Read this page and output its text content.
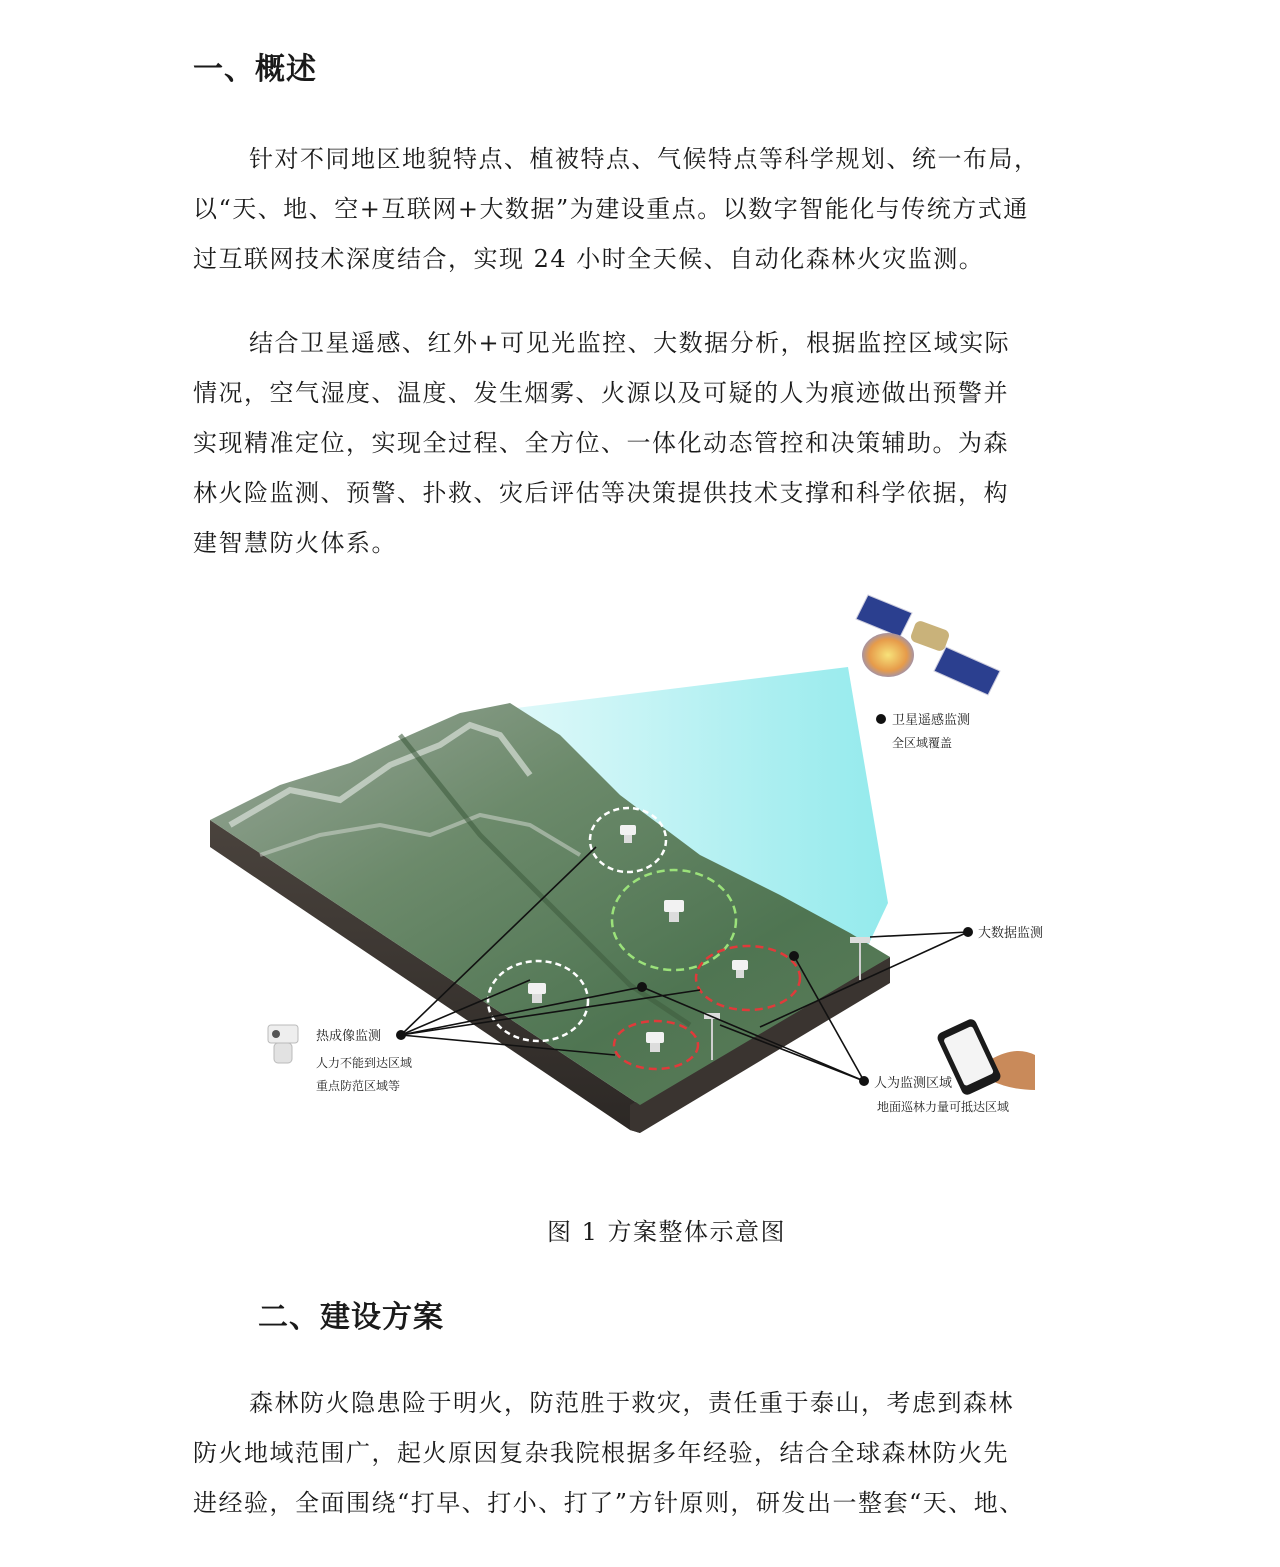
一、概述

针对不同地区地貌特点、植被特点、气候特点等科学规划、统一布局，
以“天、地、空+互联网+大数据”为建设重点。以数字智能化与传统方式通
过互联网技术深度结合，实现 24 小时全天候、自动化森林火灾监测。

结合卫星遥感、红外+可见光监控、大数据分析，根据监控区域实际
情况，空气湿度、温度、发生烟雾、火源以及可疑的人为痕迹做出预警并
实现精准定位，实现全过程、全方位、一体化动态管控和决策辅助。为森
林火险监测、预警、扑救、灾后评估等决策提供技术支撑和科学依据，构
建智慧防火体系。

卫星遥感监测
全区域覆盖
大数据监测
热成像监测
人力不能到达区域
重点防范区域等	人为监测区域
地面巡林力量可抵达区域

图 1 方案整体示意图

二、建设方案

森林防火隐患险于明火，防范胜于救灾，责任重于泰山，考虑到森林
防火地域范围广，起火原因复杂我院根据多年经验，结合全球森林防火先
进经验，全面围绕“打早、打小、打了”方针原则，研发出一整套“天、地、
